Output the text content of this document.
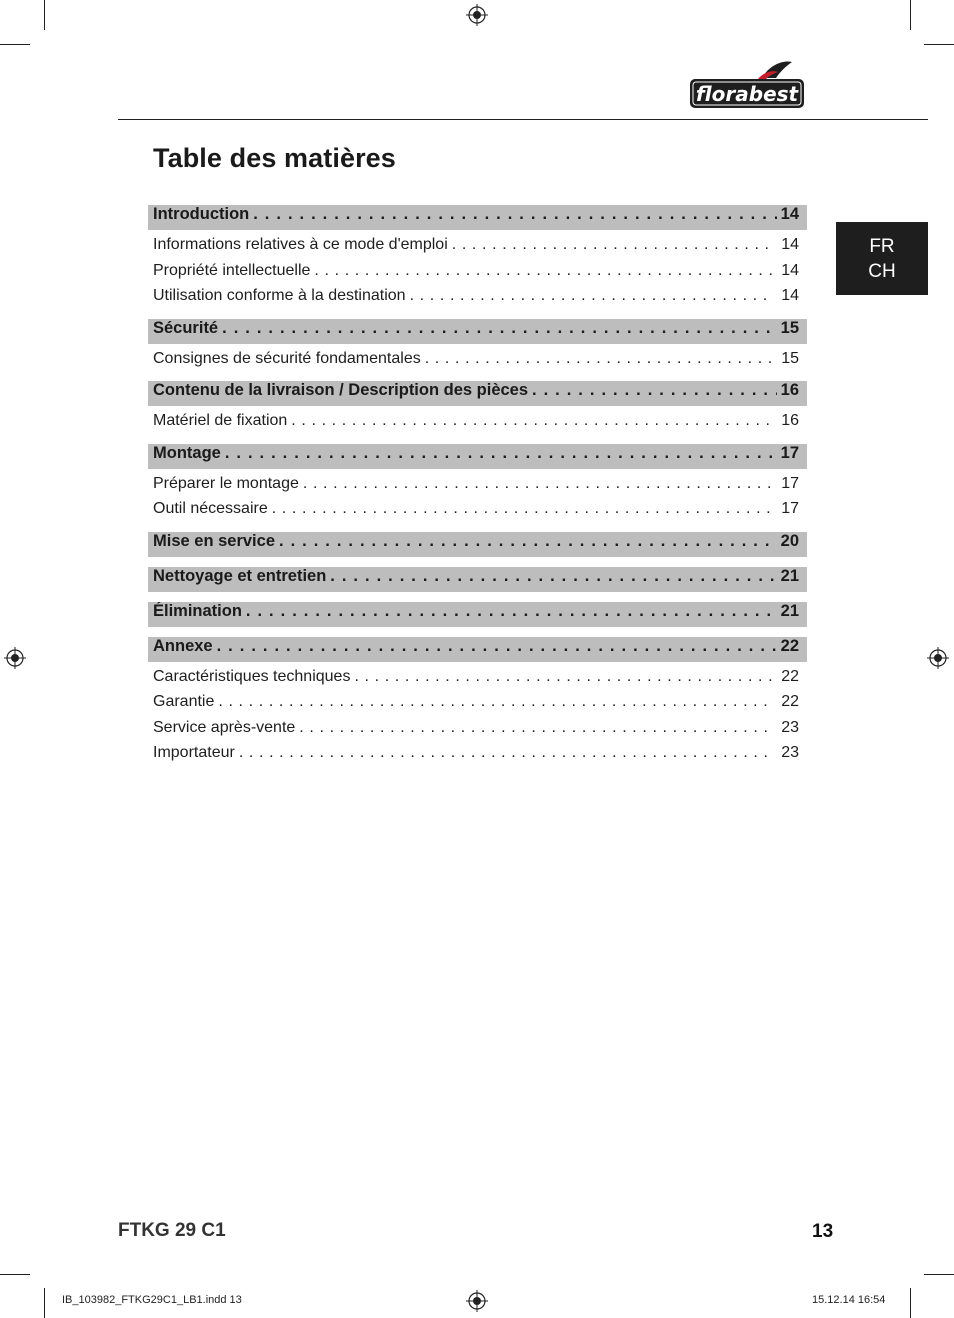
florabest
Table des matières
FR
CH
Introduction . . .	14
Informations relatives à ce mode d'emploi . . .	14
Propriété intellectuelle . . .	14
Utilisation conforme à la destination . . .	14
Sécurité . . .	15
Consignes de sécurité fondamentales . . .	15
Contenu de la livraison / Description des pièces . . .	16
Matériel de fixation . . .	16
Montage . . .	17
Préparer le montage . . .	17
Outil nécessaire . . .	17
Mise en service . . .	20
Nettoyage et entretien . . .	21
Élimination . . .	21
Annexe . . .	22
Caractéristiques techniques . . .	22
Garantie . . .	22
Service après-vente . . .	23
Importateur . . .	23
FTKG 29 C1	13
IB_103982_FTKG29C1_LB1.indd 13	15.12.14 16:54
